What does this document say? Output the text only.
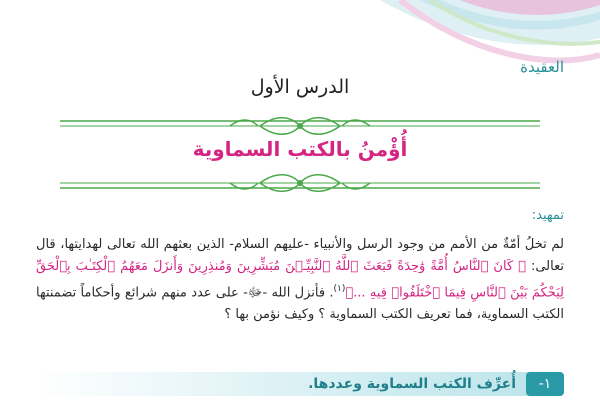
العقيدة
الدرس الأول
أُؤْمنُ بالكتب السماوية
تمهيد:
لم تخلُ أمّةٌ من الأمم من وجود الرسل والأنبياء -عليهم السلام- الذين بعثهم الله تعالى لهدايتها، قال تعالى: ﴿ كَانَ ٱلنَّاسُ أُمَّةً وَٰحِدَةً فَبَعَثَ ٱللَّهُ ٱلنَّبِيِّـۧنَ مُبَشِّرِينَ وَمُنذِرِينَ وَأَنزَلَ مَعَهُمُ ٱلْكِتَـٰبَ بِٱلْحَقِّ لِيَحْكُمَ بَيْنَ ٱلنَّاسِ فِيمَا ٱخْتَلَفُوا۟ فِيهِ ...﴾$^{(١)}$. فأنزل الله -ﷻ- على عدد منهم شرائع وأحكاماً تضمنتها الكتب السماوية، فما تعريف الكتب السماوية ؟ وكيف نؤمن بها ؟
١-
أُعرِّف الكتب السماوية وعددها.
